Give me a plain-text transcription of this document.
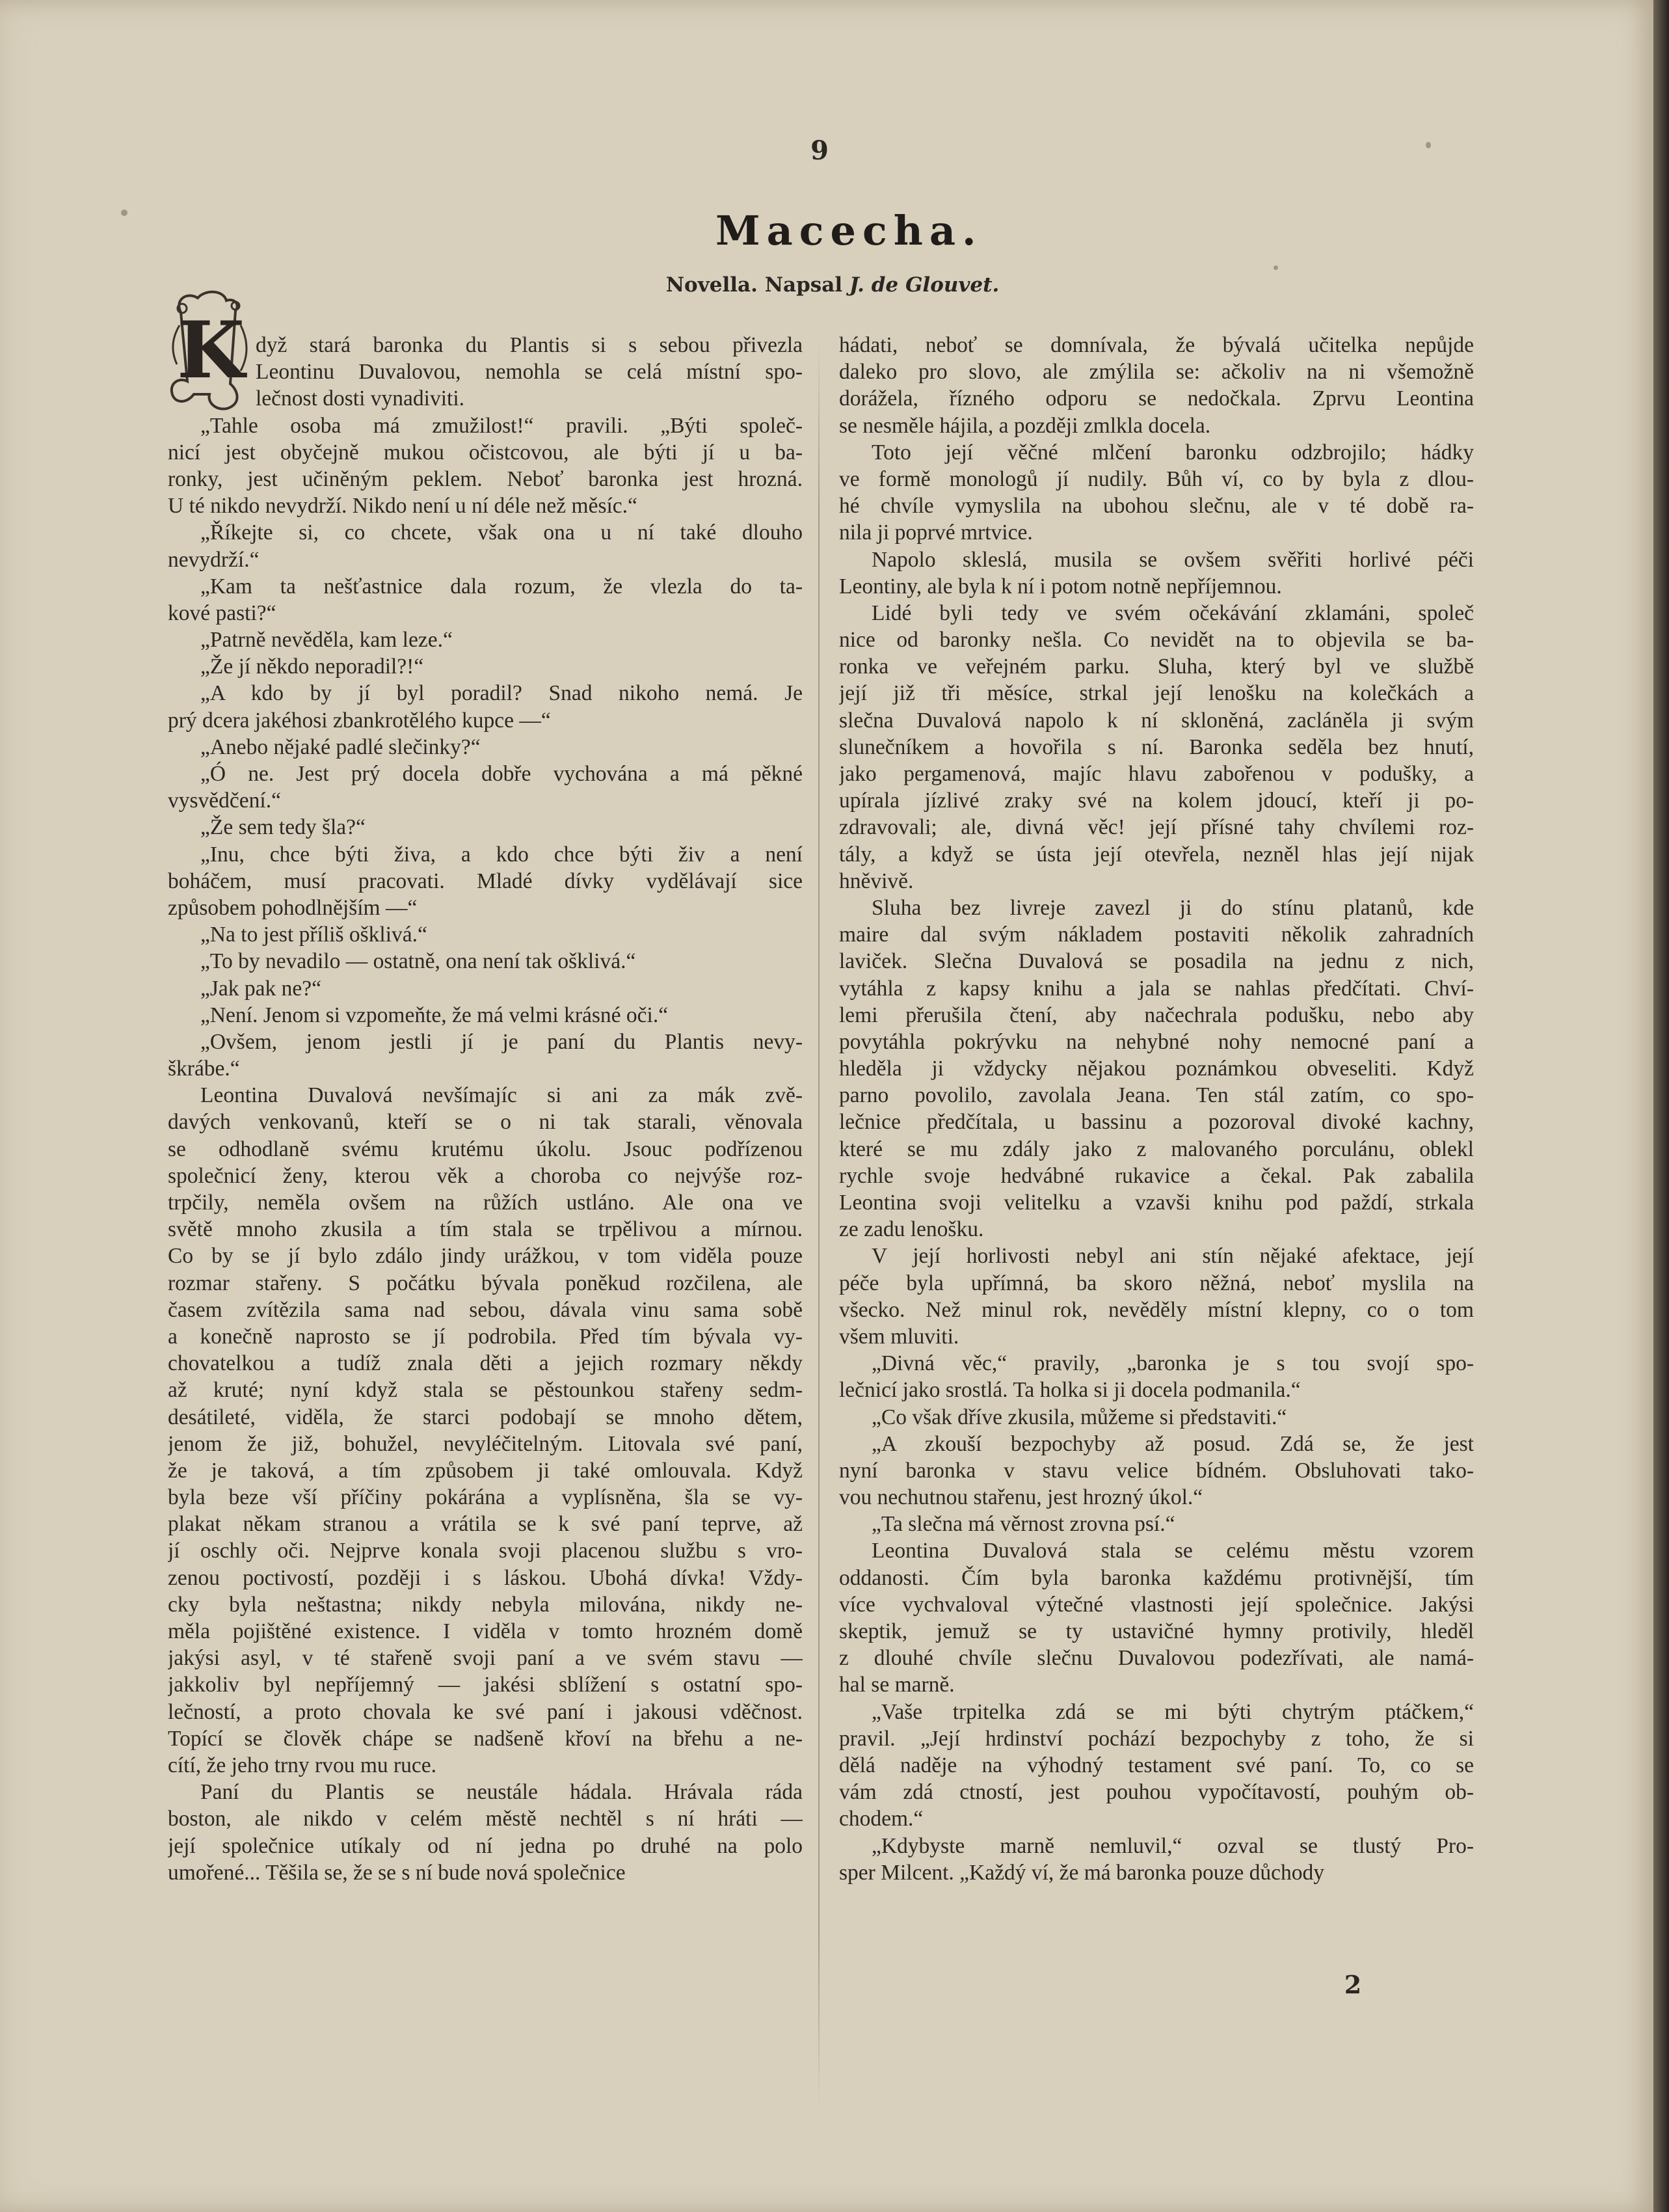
9
Macecha.
Novella. Napsal J. de Glouvet.
K dyž stará baronka du Plantis si s sebou přivezla
Leontinu Duvalovou, nemohla se celá místní spo-
lečnost dosti vynadiviti.
„Tahle osoba má zmužilost!“ pravili. „Býti společ-
nicí jest obyčejně mukou očistcovou, ale býti jí u ba-
ronky, jest učiněným peklem. Neboť baronka jest hrozná.
U té nikdo nevydrží. Nikdo není u ní déle než měsíc.“
„Říkejte si, co chcete, však ona u ní také dlouho
nevydrží.“
„Kam ta nešťastnice dala rozum, že vlezla do ta-
kové pasti?“
„Patrně nevěděla, kam leze.“
„Že jí někdo neporadil?!“
„A kdo by jí byl poradil? Snad nikoho nemá. Je
prý dcera jakéhosi zbankrotělého kupce —“
„Anebo nějaké padlé slečinky?“
„Ó ne. Jest prý docela dobře vychována a má pěkné
vysvědčení.“
„Že sem tedy šla?“
„Inu, chce býti živa, a kdo chce býti živ a není
boháčem, musí pracovati. Mladé dívky vydělávají sice
způsobem pohodlnějším —“
„Na to jest příliš ošklivá.“
„To by nevadilo — ostatně, ona není tak ošklivá.“
„Jak pak ne?“
„Není. Jenom si vzpomeňte, že má velmi krásné oči.“
„Ovšem, jenom jestli jí je paní du Plantis nevy-
škrábe.“
Leontina Duvalová nevšímajíc si ani za mák zvě-
davých venkovanů, kteří se o ni tak starali, věnovala
se odhodlaně svému krutému úkolu. Jsouc podřízenou
společnicí ženy, kterou věk a choroba co nejvýše roz-
trpčily, neměla ovšem na růžích ustláno. Ale ona ve
světě mnoho zkusila a tím stala se trpělivou a mírnou.
Co by se jí bylo zdálo jindy urážkou, v tom viděla pouze
rozmar stařeny. S počátku bývala poněkud rozčilena, ale
časem zvítězila sama nad sebou, dávala vinu sama sobě
a konečně naprosto se jí podrobila. Před tím bývala vy-
chovatelkou a tudíž znala děti a jejich rozmary někdy
až kruté; nyní když stala se pěstounkou stařeny sedm-
desátileté, viděla, že starci podobají se mnoho dětem,
jenom že již, bohužel, nevyléčitelným. Litovala své paní,
že je taková, a tím způsobem ji také omlouvala. Když
byla beze vší příčiny pokárána a vyplísněna, šla se vy-
plakat někam stranou a vrátila se k své paní teprve, až
jí oschly oči. Nejprve konala svoji placenou službu s vro-
zenou poctivostí, později i s láskou. Ubohá dívka! Vždy-
cky byla neštastna; nikdy nebyla milována, nikdy ne-
měla pojištěné existence. I viděla v tomto hrozném domě
jakýsi asyl, v té stařeně svoji paní a ve svém stavu —
jakkoliv byl nepříjemný — jakési sblížení s ostatní spo-
lečností, a proto chovala ke své paní i jakousi vděčnost.
Topící se člověk chápe se nadšeně křoví na břehu a ne-
cítí, že jeho trny rvou mu ruce.
Paní du Plantis se neustále hádala. Hrávala ráda
boston, ale nikdo v celém městě nechtěl s ní hráti —
její společnice utíkaly od ní jedna po druhé na polo
umořené... Těšila se, že se s ní bude nová společnice
hádati, neboť se domnívala, že bývalá učitelka nepůjde
daleko pro slovo, ale zmýlila se: ačkoliv na ni všemožně
dorážela, řízného odporu se nedočkala. Zprvu Leontina
se nesměle hájila, a později zmlkla docela.
Toto její věčné mlčení baronku odzbrojilo; hádky
ve formě monologů jí nudily. Bůh ví, co by byla z dlou-
hé chvíle vymyslila na ubohou slečnu, ale v té době ra-
nila ji poprvé mrtvice.
Napolo skleslá, musila se ovšem svěřiti horlivé péči
Leontiny, ale byla k ní i potom notně nepříjemnou.
Lidé byli tedy ve svém očekávání zklamáni, společ
nice od baronky nešla. Co nevidět na to objevila se ba-
ronka ve veřejném parku. Sluha, který byl ve službě
její již tři měsíce, strkal její lenošku na kolečkách a
slečna Duvalová napolo k ní skloněná, zacláněla ji svým
slunečníkem a hovořila s ní. Baronka seděla bez hnutí,
jako pergamenová, majíc hlavu zabořenou v podušky, a
upírala jízlivé zraky své na kolem jdoucí, kteří ji po-
zdravovali; ale, divná věc! její přísné tahy chvílemi roz-
tály, a když se ústa její otevřela, nezněl hlas její nijak
hněvivě.
Sluha bez livreje zavezl ji do stínu platanů, kde
maire dal svým nákladem postaviti několik zahradních
laviček. Slečna Duvalová se posadila na jednu z nich,
vytáhla z kapsy knihu a jala se nahlas předčítati. Chví-
lemi přerušila čtení, aby načechrala podušku, nebo aby
povytáhla pokrývku na nehybné nohy nemocné paní a
hleděla ji vždycky nějakou poznámkou obveseliti. Když
parno povolilo, zavolala Jeana. Ten stál zatím, co spo-
lečnice předčítala, u bassinu a pozoroval divoké kachny,
které se mu zdály jako z malovaného porculánu, oblekl
rychle svoje hedvábné rukavice a čekal. Pak zabalila
Leontina svoji velitelku a vzavši knihu pod paždí, strkala
ze zadu lenošku.
V její horlivosti nebyl ani stín nějaké afektace, její
péče byla upřímná, ba skoro něžná, neboť myslila na
všecko. Než minul rok, nevěděly místní klepny, co o tom
všem mluviti.
„Divná věc,“ pravily, „baronka je s tou svojí spo-
lečnicí jako srostlá. Ta holka si ji docela podmanila.“
„Co však dříve zkusila, můžeme si představiti.“
„A zkouší bezpochyby až posud. Zdá se, že jest
nyní baronka v stavu velice bídném. Obsluhovati tako-
vou nechutnou stařenu, jest hrozný úkol.“
„Ta slečna má věrnost zrovna psí.“
Leontina Duvalová stala se celému městu vzorem
oddanosti. Čím byla baronka každému protivnější, tím
více vychvaloval výtečné vlastnosti její společnice. Jakýsi
skeptik, jemuž se ty ustavičné hymny protivily, hleděl
z dlouhé chvíle slečnu Duvalovou podezřívati, ale namá-
hal se marně.
„Vaše trpitelka zdá se mi býti chytrým ptáčkem,“
pravil. „Její hrdinství pochází bezpochyby z toho, že si
dělá naděje na výhodný testament své paní. To, co se
vám zdá ctností, jest pouhou vypočítavostí, pouhým ob-
chodem.“
„Kdybyste marně nemluvil,“ ozval se tlustý Pro-
sper Milcent. „Každý ví, že má baronka pouze důchody
2
